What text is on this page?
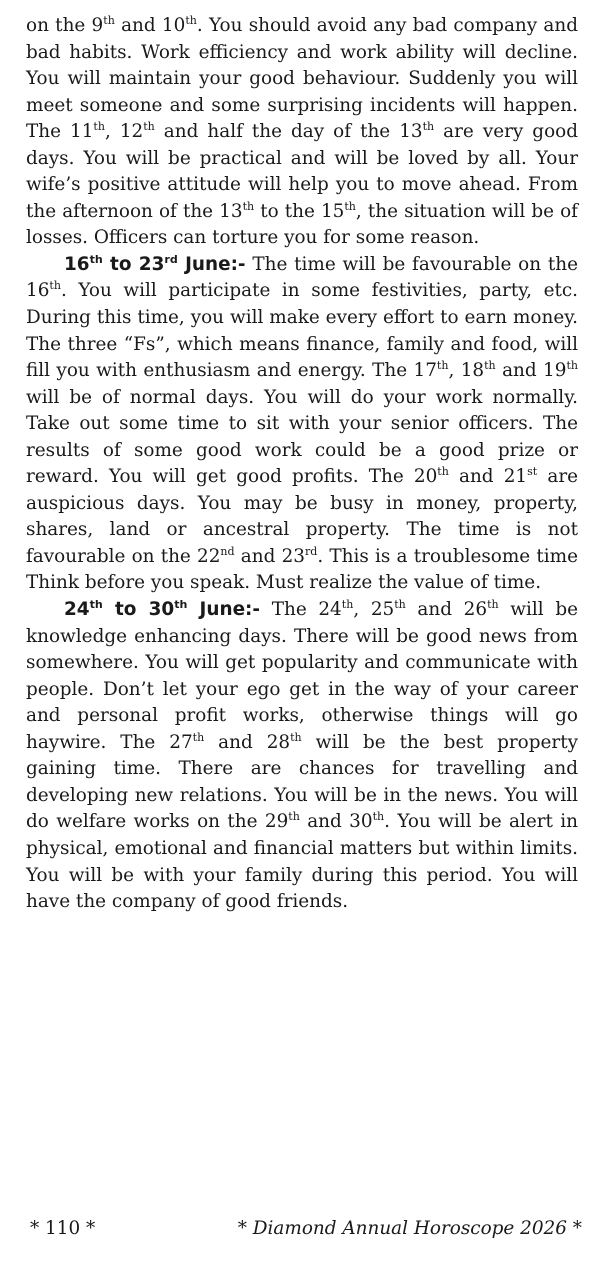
on the 9th and 10th. You should avoid any bad company and bad habits. Work efficiency and work ability will decline. You will maintain your good behaviour. Suddenly you will meet someone and some surprising incidents will happen. The 11th, 12th and half the day of the 13th are very good days. You will be practical and will be loved by all. Your wife’s positive attitude will help you to move ahead. From the afternoon of the 13th to the 15th, the situation will be of losses. Officers can torture you for some reason.

16th to 23rd June:- The time will be favourable on the 16th. You will participate in some festivities, party, etc. During this time, you will make every effort to earn money. The three “Fs”, which means finance, family and food, will fill you with enthusiasm and energy. The 17th, 18th and 19th will be of normal days. You will do your work normally. Take out some time to sit with your senior officers. The results of some good work could be a good prize or reward. You will get good profits. The 20th and 21st are auspicious days. You may be busy in money, property, shares, land or ancestral property. The time is not favourable on the 22nd and 23rd. This is a troublesome time Think before you speak. Must realize the value of time.

24th to 30th June:- The 24th, 25th and 26th will be knowledge enhancing days. There will be good news from somewhere. You will get popularity and communicate with people. Don’t let your ego get in the way of your career and personal profit works, otherwise things will go haywire. The 27th and 28th will be the best property gaining time. There are chances for travelling and developing new relations. You will be in the news. You will do welfare works on the 29th and 30th. You will be alert in physical, emotional and financial matters but within limits. You will be with your family during this period. You will have the company of good friends.

* 110 *	* Diamond Annual Horoscope 2026 *
